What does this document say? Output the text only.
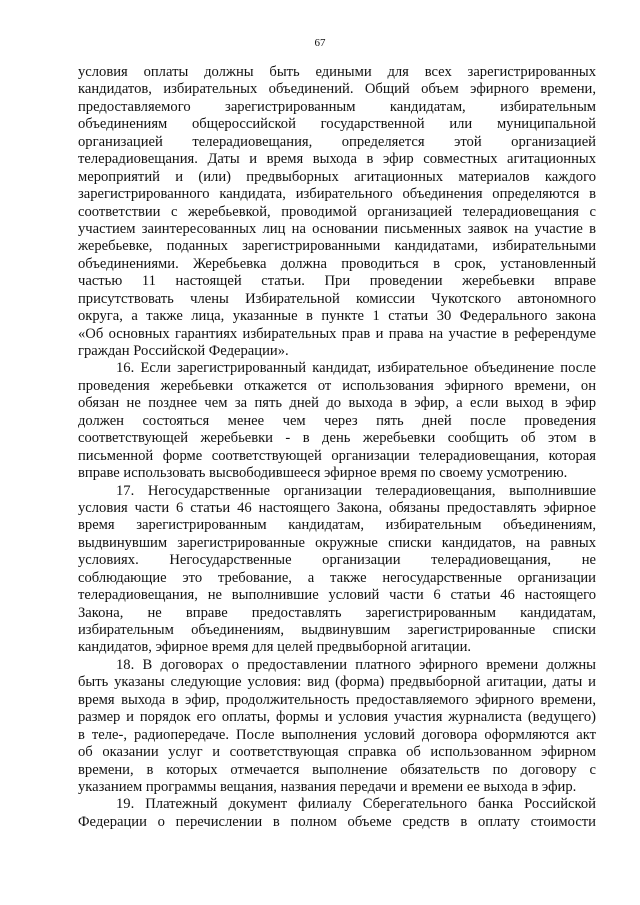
67

условия оплаты должны быть едиными для всех зарегистрированных

кандидатов, избирательных объединений. Общий объем эфирного времени,

предоставляемого зарегистрированным кандидатам, избирательным

объединениям общероссийской государственной или муниципальной

организацией телерадиовещания, определяется этой организацией

телерадиовещания. Даты и время выхода в эфир совместных агитационных

мероприятий и (или) предвыборных агитационных материалов каждого

зарегистрированного кандидата, избирательного объединения определяются в

соответствии с жеребьевкой, проводимой организацией телерадиовещания с

участием заинтересованных лиц на основании письменных заявок на участие в

жеребьевке, поданных зарегистрированными кандидатами, избирательными

объединениями. Жеребьевка должна проводиться в срок, установленный

частью 11 настоящей статьи. При проведении жеребьевки вправе

присутствовать члены Избирательной комиссии Чукотского автономного

округа, а также лица, указанные в пункте 1 статьи 30 Федерального закона

«Об основных гарантиях избирательных прав и права на участие в референдуме

граждан Российской Федерации».

16. Если зарегистрированный кандидат, избирательное объединение после

проведения жеребьевки откажется от использования эфирного времени, он

обязан не позднее чем за пять дней до выхода в эфир, а если выход в эфир

должен состояться менее чем через пять дней после проведения

соответствующей жеребьевки - в день жеребьевки сообщить об этом в

письменной форме соответствующей организации телерадиовещания, которая

вправе использовать высвободившееся эфирное время по своему усмотрению.

17. Негосударственные организации телерадиовещания, выполнившие

условия части 6 статьи 46 настоящего Закона, обязаны предоставлять эфирное

время зарегистрированным кандидатам, избирательным объединениям,

выдвинувшим зарегистрированные окружные списки кандидатов, на равных

условиях. Негосударственные организации телерадиовещания, не

соблюдающие это требование, а также негосударственные организации

телерадиовещания, не выполнившие условий части 6 статьи 46 настоящего

Закона, не вправе предоставлять зарегистрированным кандидатам,

избирательным объединениям, выдвинувшим зарегистрированные списки

кандидатов, эфирное время для целей предвыборной агитации.

18. В договорах о предоставлении платного эфирного времени должны

быть указаны следующие условия: вид (форма) предвыборной агитации, даты и

время выхода в эфир, продолжительность предоставляемого эфирного времени,

размер и порядок его оплаты, формы и условия участия журналиста (ведущего)

в теле-, радиопередаче. После выполнения условий договора оформляются акт

об оказании услуг и соответствующая справка об использованном эфирном

времени, в которых отмечается выполнение обязательств по договору с

указанием программы вещания, названия передачи и времени ее выхода в эфир.

19. Платежный документ филиалу Сберегательного банка Российской

Федерации о перечислении в полном объеме средств в оплату стоимости
